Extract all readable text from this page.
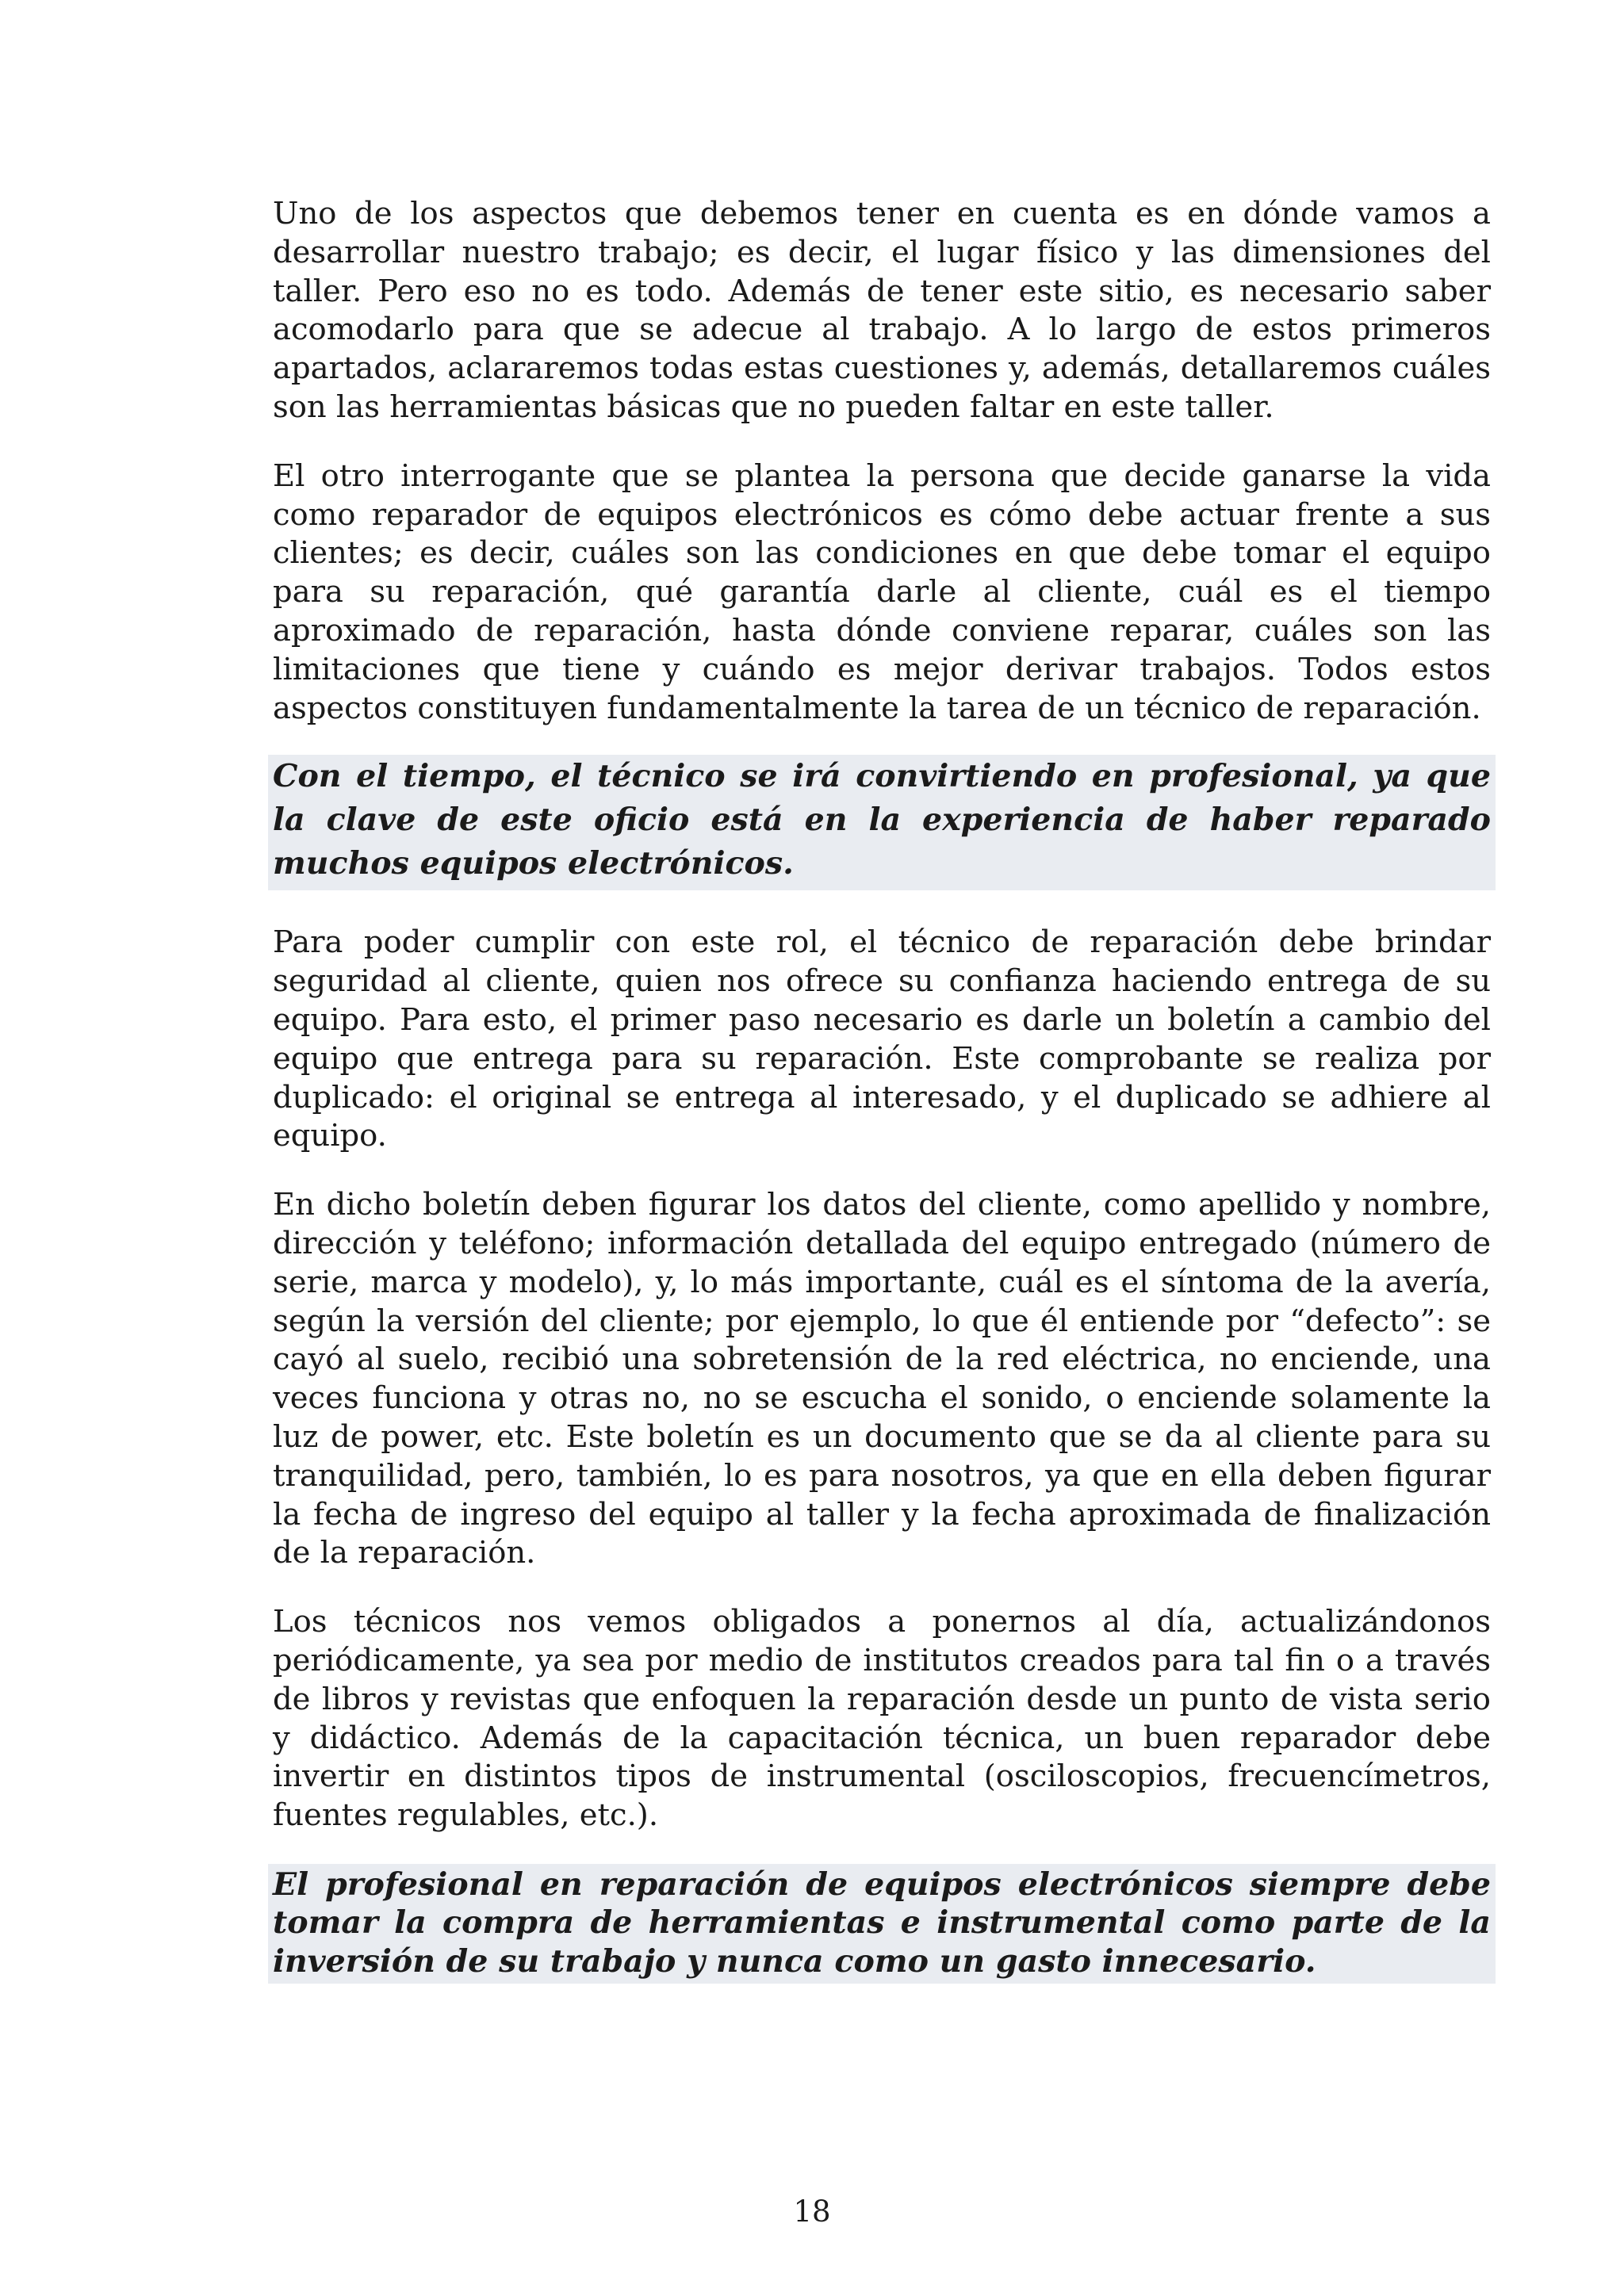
Uno de los aspectos que debemos tener en cuenta es en dónde vamos a desarrollar nuestro trabajo; es decir, el lugar físico y las dimensiones del taller. Pero eso no es todo. Además de tener este sitio, es necesario saber acomodarlo para que se adecue al trabajo. A lo largo de estos primeros apartados, aclararemos todas estas cuestiones y, además, detallaremos cuáles son las herramientas básicas que no pueden faltar en este taller.

El otro interrogante que se plantea la persona que decide ganarse la vida como reparador de equipos electrónicos es cómo debe actuar frente a sus clientes; es decir, cuáles son las condiciones en que debe tomar el equipo para su reparación, qué garantía darle al cliente, cuál es el tiempo aproximado de reparación, hasta dónde conviene reparar, cuáles son las limitaciones que tiene y cuándo es mejor derivar trabajos. Todos estos aspectos constituyen fundamentalmente la tarea de un técnico de reparación.

Con el tiempo, el técnico se irá convirtiendo en profesional, ya que la clave de este oficio está en la experiencia de haber reparado muchos equipos electrónicos.

Para poder cumplir con este rol, el técnico de reparación debe brindar seguridad al cliente, quien nos ofrece su confianza haciendo entrega de su equipo. Para esto, el primer paso necesario es darle un boletín a cambio del equipo que entrega para su reparación. Este comprobante se realiza por duplicado: el original se entrega al interesado, y el duplicado se adhiere al equipo.

En dicho boletín deben figurar los datos del cliente, como apellido y nombre, dirección y teléfono; información detallada del equipo entregado (número de serie, marca y modelo), y, lo más importante, cuál es el síntoma de la avería, según la versión del cliente; por ejemplo, lo que él entiende por “defecto”: se cayó al suelo, recibió una sobretensión de la red eléctrica, no enciende, una veces funciona y otras no, no se escucha el sonido, o enciende solamente la luz de power, etc. Este boletín es un documento que se da al cliente para su tranquilidad, pero, también, lo es para nosotros, ya que en ella deben figurar la fecha de ingreso del equipo al taller y la fecha aproximada de finalización de la reparación.

Los técnicos nos vemos obligados a ponernos al día, actualizándonos periódicamente, ya sea por medio de institutos creados para tal fin o a través de libros y revistas que enfoquen la reparación desde un punto de vista serio y didáctico. Además de la capacitación técnica, un buen reparador debe invertir en distintos tipos de instrumental (osciloscopios, frecuencímetros, fuentes regulables, etc.).

El profesional en reparación de equipos electrónicos siempre debe tomar la compra de herramientas e instrumental como parte de la inversión de su trabajo y nunca como un gasto innecesario.
18
